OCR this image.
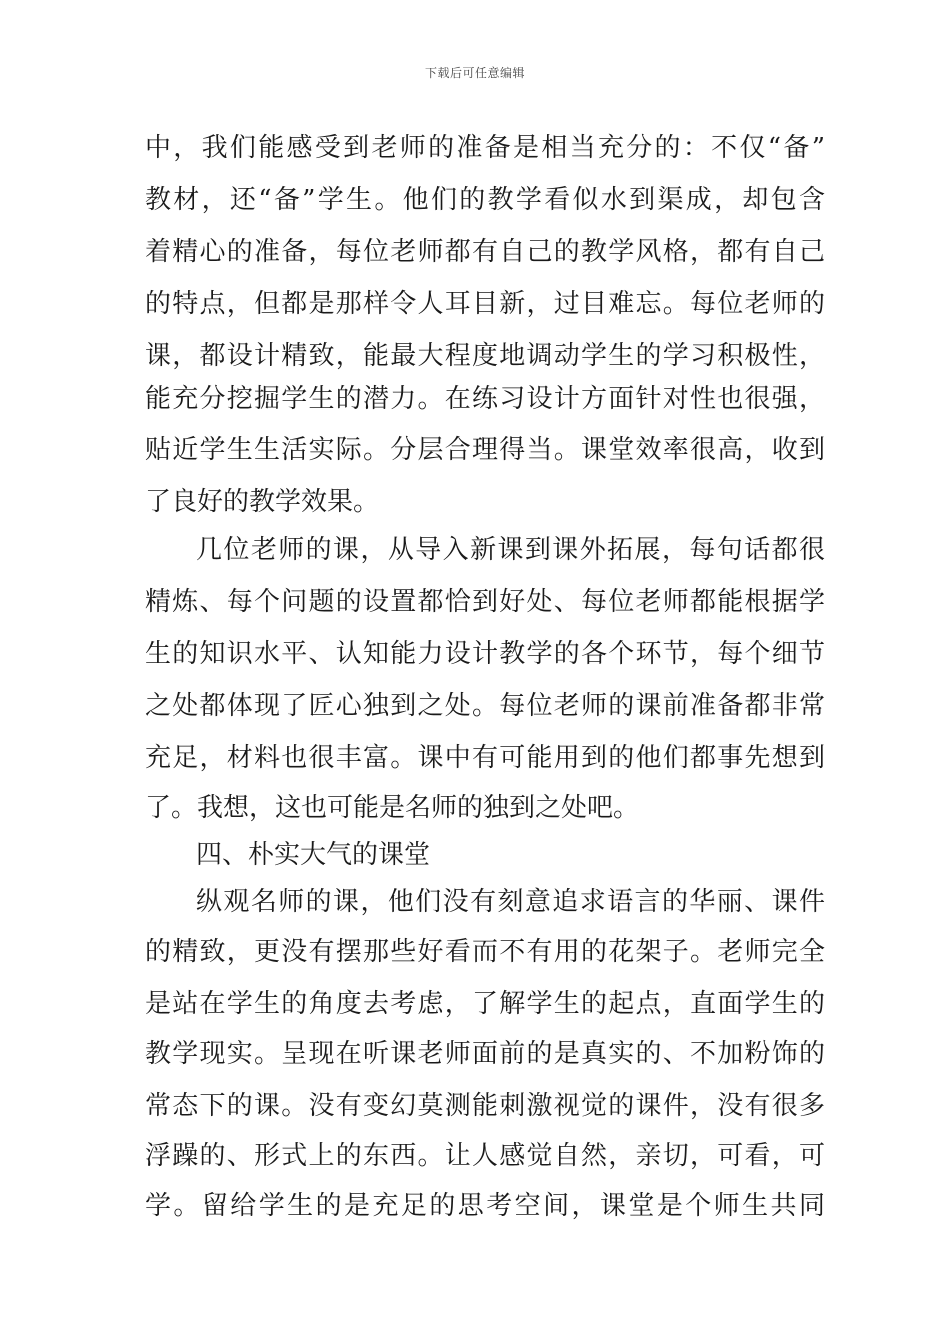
下载后可任意编辑
中，我们能感受到老师的准备是相当充分的：不仅“备”
教材，还“备”学生。他们的教学看似水到渠成，却包含
着精心的准备，每位老师都有自己的教学风格，都有自己
的特点，但都是那样令人耳目新，过目难忘。每位老师的
课，都设计精致，能最大程度地调动学生的学习积极性，
能充分挖掘学生的潜力。在练习设计方面针对性也很强，
贴近学生生活实际。分层合理得当。课堂效率很高，收到
了良好的教学效果。
几位老师的课，从导入新课到课外拓展，每句话都很
精炼、每个问题的设置都恰到好处、每位老师都能根据学
生的知识水平、认知能力设计教学的各个环节，每个细节
之处都体现了匠心独到之处。每位老师的课前准备都非常
充足，材料也很丰富。课中有可能用到的他们都事先想到
了。我想，这也可能是名师的独到之处吧。
四、朴实大气的课堂
纵观名师的课，他们没有刻意追求语言的华丽、课件
的精致，更没有摆那些好看而不有用的花架子。老师完全
是站在学生的角度去考虑，了解学生的起点，直面学生的
教学现实。呈现在听课老师面前的是真实的、不加粉饰的
常态下的课。没有变幻莫测能刺激视觉的课件，没有很多
浮躁的、形式上的东西。让人感觉自然，亲切，可看，可
学。留给学生的是充足的思考空间，课堂是个师生共同
